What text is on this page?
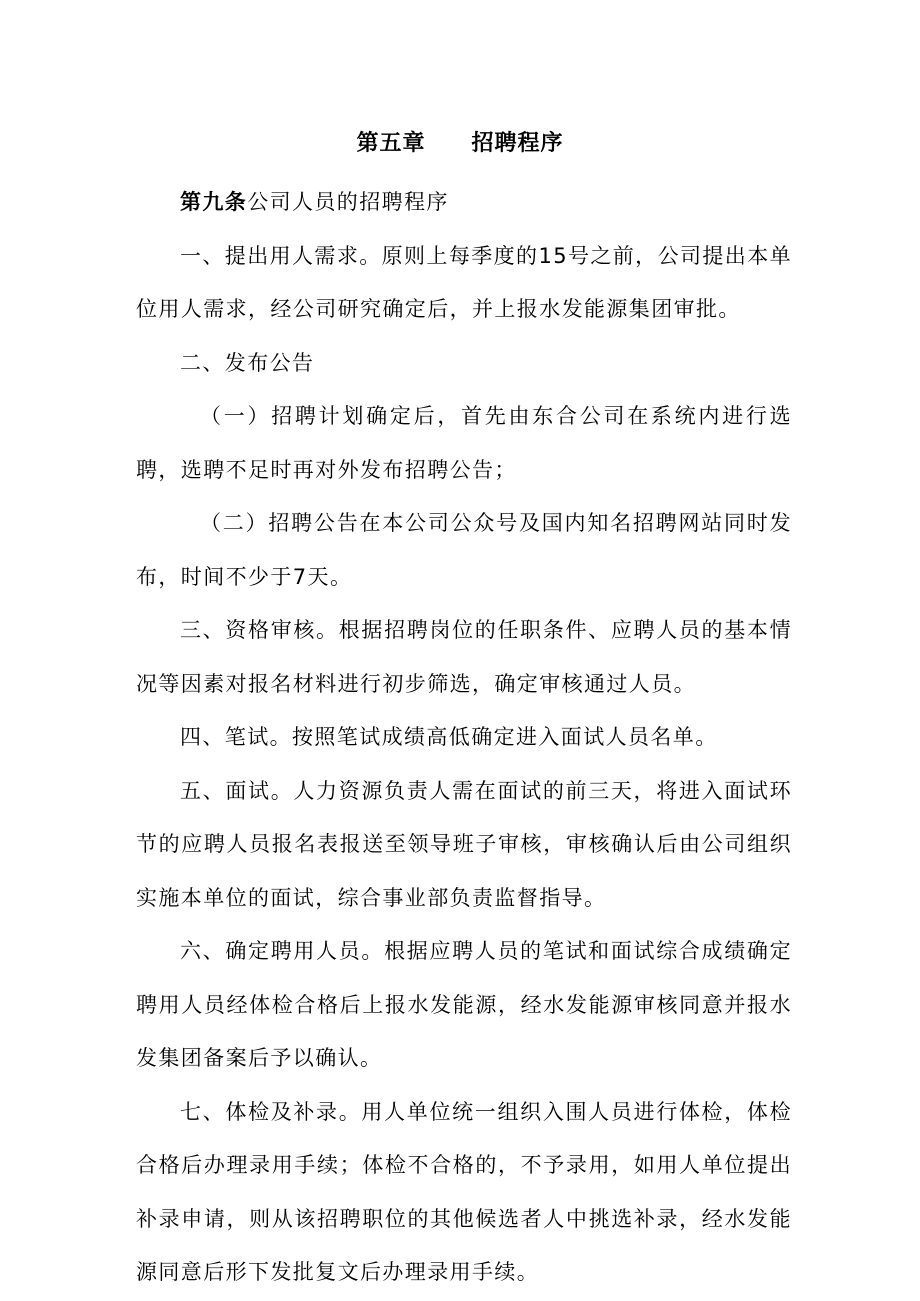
第五章 招聘程序

第九条公司人员的招聘程序

一、提出用人需求。原则上每季度的15号之前，公司提出本单位用人需求，经公司研究确定后，并上报水发能源集团审批。

二、发布公告

（一）招聘计划确定后，首先由东合公司在系统内进行选聘，选聘不足时再对外发布招聘公告；

（二）招聘公告在本公司公众号及国内知名招聘网站同时发布，时间不少于7天。

三、资格审核。根据招聘岗位的任职条件、应聘人员的基本情况等因素对报名材料进行初步筛选，确定审核通过人员。

四、笔试。按照笔试成绩高低确定进入面试人员名单。

五、面试。人力资源负责人需在面试的前三天，将进入面试环节的应聘人员报名表报送至领导班子审核，审核确认后由公司组织实施本单位的面试，综合事业部负责监督指导。

六、确定聘用人员。根据应聘人员的笔试和面试综合成绩确定聘用人员经体检合格后上报水发能源，经水发能源审核同意并报水发集团备案后予以确认。

七、体检及补录。用人单位统一组织入围人员进行体检，体检合格后办理录用手续；体检不合格的，不予录用，如用人单位提出补录申请，则从该招聘职位的其他候选者人中挑选补录，经水发能源同意后形下发批复文后办理录用手续。
